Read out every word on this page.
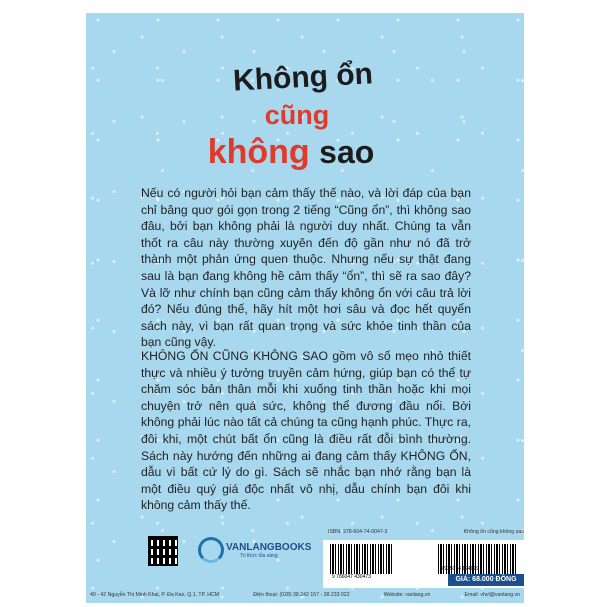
Không ổn
cũng
không sao
Nếu có người hỏi bạn cảm thấy thế nào, và lời đáp của bạn chỉ bâng quơ gói gọn trong 2 tiếng “Cũng ổn”, thì không sao đâu, bởi bạn không phải là người duy nhất. Chúng ta vẫn thốt ra câu này thường xuyên đến độ gần như nó đã trở thành một phản ứng quen thuộc. Nhưng nếu sự thật đang sau là bạn đang không hề cảm thấy “ổn”, thì sẽ ra sao đây? Và lỡ như chính bạn cũng cảm thấy không ổn với câu trả lời đó? Nếu đúng thế, hãy hít một hơi sâu và đọc hết quyển sách này, vì bạn rất quan trọng và sức khỏe tinh thần của bạn cũng vậy.
KHÔNG ỔN CŨNG KHÔNG SAO gồm vô số mẹo nhỏ thiết thực và nhiều ý tưởng truyền cảm hứng, giúp bạn có thể tự chăm sóc bản thân mỗi khi xuống tinh thần hoặc khi mọi chuyện trở nên quá sức, không thể đương đầu nổi. Bởi không phải lúc nào tất cả chúng ta cũng hạnh phúc. Thực ra, đôi khi, một chút bất ổn cũng là điều rất đỗi bình thường. Sách này hướng đến những ai đang cảm thấy KHÔNG ỔN, dẫu vì bất cứ lý do gì. Sách sẽ nhắc bạn nhớ rằng bạn là một điều quý giá độc nhất vô nhị, dẫu chính bạn đôi khi không cảm thấy thế.
ISBN: 978-604-74-0047-3	Không ổn cũng không sao
9 786047 430473
8 935074 124999
GIÁ: 68.000 ĐỒNG
VANLANGBOOKS
Tri thức tỏa sáng
40 - 42 Nguyễn Thị Minh Khai, P. Đa Kao, Q.1, TP. HCM	Điện thoại: (028) 38.242 157 - 38.233 022	Website: vanlang.vn	Email: vhvl@vanlang.vn
